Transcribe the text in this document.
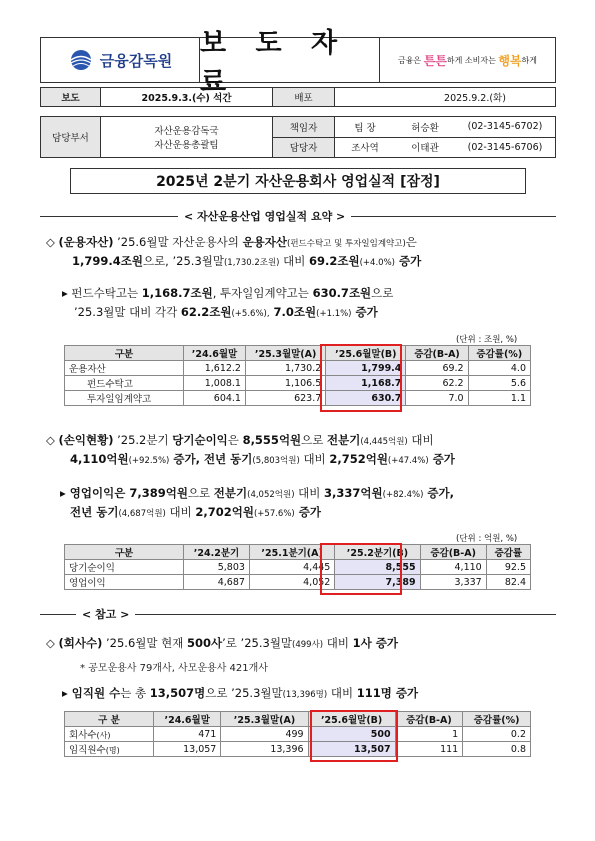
금융감독원
보 도 자 료
금융은
튼튼 하게 소비자는
행복 하게
보도	2025.9.3.(수) 석간	배포	2025.9.2.(화)
담당부서
자산운용감독국
자산운용총괄팀
책임자	팀 장	허승환	(02-3145-6702)
담당자	조사역	이태관	(02-3145-6706)
2025년 2분기 자산운용회사 영업실적 [잠정]
< 자산운용산업 영업실적 요약 >
◇ (운용자산) ’25.6월말 자산운용사의 운용자산(펀드수탁고 및 투자일임계약고)은
1,799.4조원으로, ’25.3월말(1,730.2조원) 대비 69.2조원(+4.0%) 증가
▸ 펀드수탁고는 1,168.7조원, 투자일임계약고는 630.7조원으로
’25.3월말 대비 각각 62.2조원(+5.6%), 7.0조원(+1.1%) 증가
(단위 : 조원, %)
구분	’24.6월말	’25.3월말(A)	’25.6월말(B)	증감(B-A)	증감률(%)
운용자산	1,612.2	1,730.2	1,799.4	69.2	4.0
펀드수탁고	1,008.1	1,106.5	1,168.7	62.2	5.6
투자일임계약고	604.1	623.7	630.7	7.0	1.1
◇ (손익현황) ’25.2분기 당기순이익은 8,555억원으로 전분기(4,445억원) 대비
4,110억원(+92.5%) 증가, 전년 동기(5,803억원) 대비 2,752억원(+47.4%) 증가
▸ 영업이익은 7,389억원으로 전분기(4,052억원) 대비 3,337억원(+82.4%) 증가,
전년 동기(4,687억원) 대비 2,702억원(+57.6%) 증가
(단위 : 억원, %)
구분	’24.2분기	’25.1분기(A)	’25.2분기(B)	증감(B-A)	증감률
당기순이익	5,803	4,445	8,555	4,110	92.5
영업이익	4,687	4,052	7,389	3,337	82.4
< 참고 >
◇ (회사수) ’25.6월말 현재 500사’로 ’25.3월말(499사) 대비 1사 증가
* 공모운용사 79개사, 사모운용사 421개사
▸ 임직원 수는 총 13,507명으로 ’25.3월말(13,396명) 대비 111명 증가
구 분	’24.6월말	’25.3월말(A)	’25.6월말(B)	증감(B-A)	증감률(%)
회사수(사)	471	499	500	1	0.2
임직원수(명)	13,057	13,396	13,507	111	0.8
